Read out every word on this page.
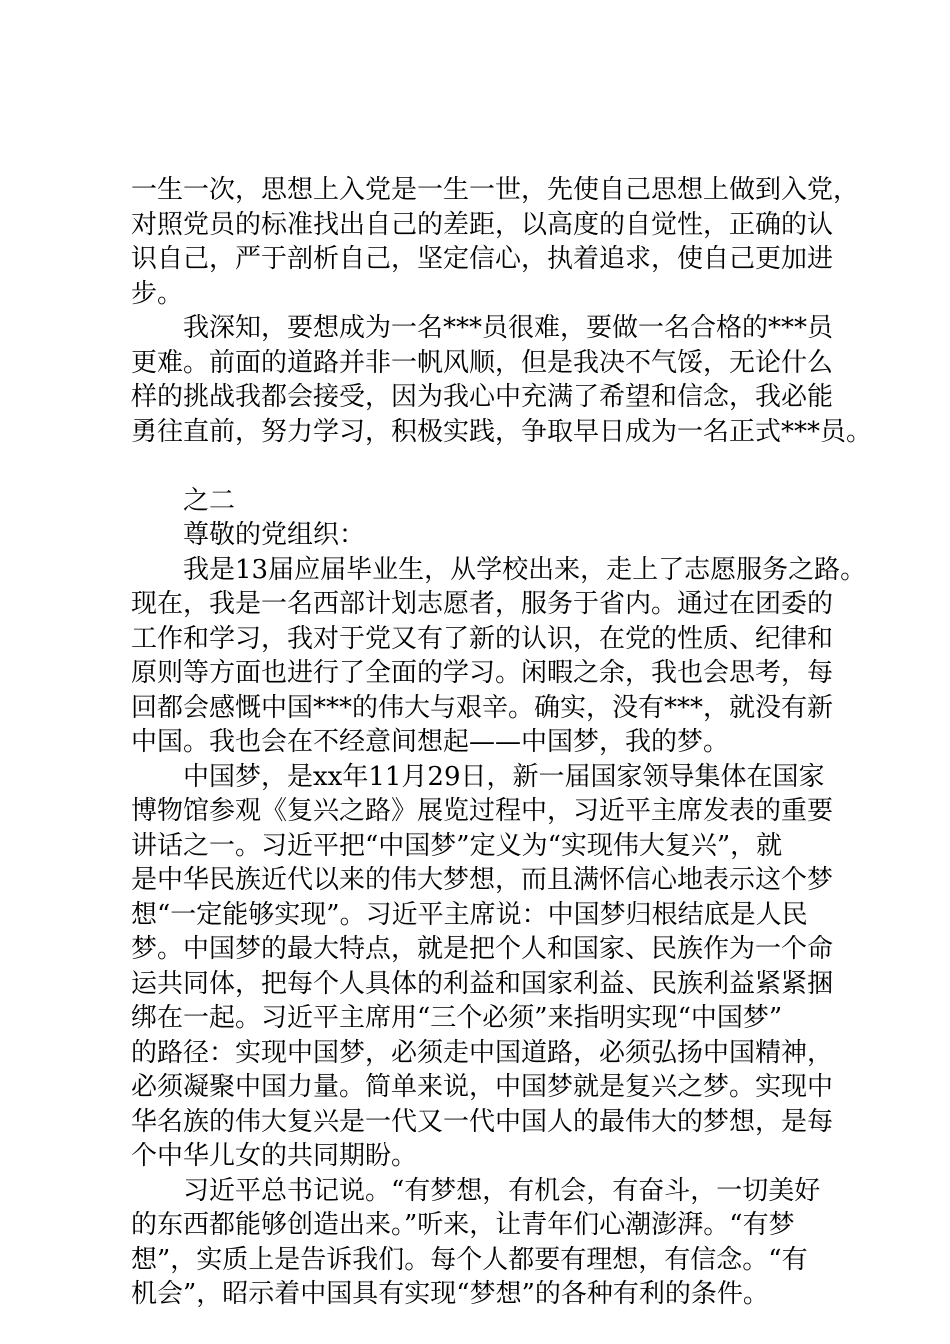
一生一次，思想上入党是一生一世，先使自己思想上做到入党，
对照党员的标准找出自己的差距，以高度的自觉性，正确的认
识自己，严于剖析自己，坚定信心，执着追求，使自己更加进
步。
我深知，要想成为一名***员很难，要做一名合格的***员
更难。前面的道路并非一帆风顺，但是我决不气馁，无论什么
样的挑战我都会接受，因为我心中充满了希望和信念，我必能
勇往直前，努力学习，积极实践，争取早日成为一名正式***员。
之二
尊敬的党组织：
我是13届应届毕业生，从学校出来，走上了志愿服务之路。
现在，我是一名西部计划志愿者，服务于省内。通过在团委的
工作和学习，我对于党又有了新的认识，在党的性质、纪律和
原则等方面也进行了全面的学习。闲暇之余，我也会思考，每
回都会感慨中国***的伟大与艰辛。确实，没有***，就没有新
中国。我也会在不经意间想起——中国梦，我的梦。
中国梦，是xx年11月29日，新一届国家领导集体在国家
博物馆参观《复兴之路》展览过程中，习近平主席发表的重要
讲话之一。习近平把“中国梦”定义为“实现伟大复兴”，就
是中华民族近代以来的伟大梦想，而且满怀信心地表示这个梦
想“一定能够实现”。习近平主席说：中国梦归根结底是人民
梦。中国梦的最大特点，就是把个人和国家、民族作为一个命
运共同体，把每个人具体的利益和国家利益、民族利益紧紧捆
绑在一起。习近平主席用“三个必须”来指明实现“中国梦”
的路径：实现中国梦，必须走中国道路，必须弘扬中国精神，
必须凝聚中国力量。简单来说，中国梦就是复兴之梦。实现中
华名族的伟大复兴是一代又一代中国人的最伟大的梦想，是每
个中华儿女的共同期盼。
习近平总书记说。“有梦想，有机会，有奋斗，一切美好
的东西都能够创造出来。”听来，让青年们心潮澎湃。“有梦
想”，实质上是告诉我们。每个人都要有理想，有信念。“有
机会”，昭示着中国具有实现“梦想”的各种有利的条件。
